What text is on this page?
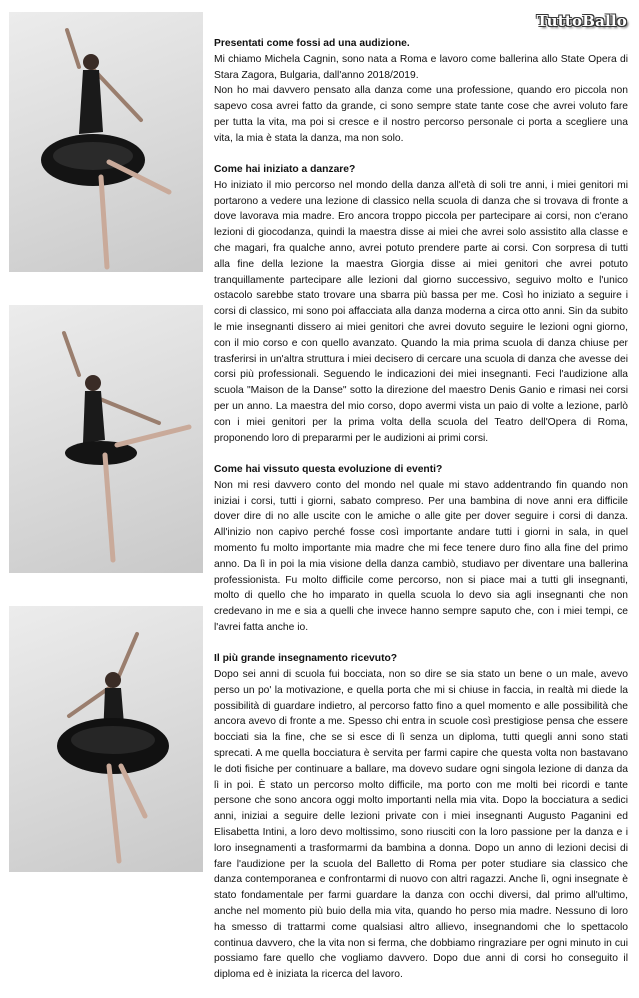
TuttoBallo
Presentati come fossi ad una audizione.

Mi chiamo Michela Cagnin, sono nata a Roma e lavoro come ballerina allo State Opera di Stara Zagora, Bulgaria, dall'anno 2018/2019.

Non ho mai davvero pensato alla danza come una professione, quando ero piccola non sapevo cosa avrei fatto da grande, ci sono sempre state tante cose che avrei voluto fare per tutta la vita, ma poi si cresce e il nostro percorso personale ci porta a scegliere una vita, la mia è stata la danza, ma non solo.

Come hai iniziato a danzare?

Ho iniziato il mio percorso nel mondo della danza all'età di soli tre anni, i miei genitori mi portarono a vedere una lezione di classico nella scuola di danza che si trovava di fronte a dove lavorava mia madre. Ero ancora troppo piccola per partecipare ai corsi, non c'erano lezioni di giocodanza, quindi la maestra disse ai miei che avrei solo assistito alla classe e che magari, fra qualche anno, avrei potuto prendere parte ai corsi. Con sorpresa di tutti alla fine della lezione la maestra Giorgia disse ai miei genitori che avrei potuto tranquillamente partecipare alle lezioni dal giorno successivo, seguivo molto e l'unico ostacolo sarebbe stato trovare una sbarra più bassa per me. Così ho iniziato a seguire i corsi di classico, mi sono poi affacciata alla danza moderna a circa otto anni. Sin da subito le mie insegnanti dissero ai miei genitori che avrei dovuto seguire le lezioni ogni giorno, con il mio corso e con quello avanzato. Quando la mia prima scuola di danza chiuse per trasferirsi in un'altra struttura i miei decisero di cercare una scuola di danza che avesse dei corsi più professionali. Seguendo le indicazioni dei miei insegnanti. Feci l'audizione alla scuola "Maison de la Danse" sotto la direzione del maestro Denis Ganio e rimasi nei corsi per un anno. La maestra del mio corso, dopo avermi vista un paio di volte a lezione, parlò con i miei genitori per la prima volta della scuola del Teatro dell'Opera di Roma, proponendo loro di prepararmi per le audizioni ai primi corsi.

Come hai vissuto questa evoluzione di eventi?

Non mi resi davvero conto del mondo nel quale mi stavo addentrando fin quando non iniziai i corsi, tutti i giorni, sabato compreso. Per una bambina di nove anni era difficile dover dire di no alle uscite con le amiche o alle gite per dover seguire i corsi di danza. All'inizio non capivo perché fosse così importante andare tutti i giorni in sala, in quel momento fu molto importante mia madre che mi fece tenere duro fino alla fine del primo anno. Da lì in poi la mia visione della danza cambiò, studiavo per diventare una ballerina professionista. Fu molto difficile come percorso, non si piace mai a tutti gli insegnanti, molto di quello che ho imparato in quella scuola lo devo sia agli insegnanti che non credevano in me e sia a quelli che invece hanno sempre saputo che, con i miei tempi, ce l'avrei fatta anche io.

Il più grande insegnamento ricevuto?

Dopo sei anni di scuola fui bocciata, non so dire se sia stato un bene o un male, avevo perso un po' la motivazione, e quella porta che mi si chiuse in faccia, in realtà mi diede la possibilità di guardare indietro, al percorso fatto fino a quel momento e alle possibilità che ancora avevo di fronte a me. Spesso chi entra in scuole così prestigiose pensa che essere bocciati sia la fine, che se si esce di lì senza un diploma, tutti quegli anni sono stati sprecati. A me quella bocciatura è servita per farmi capire che questa volta non bastavano le doti fisiche per continuare a ballare, ma dovevo sudare ogni singola lezione di danza da lì in poi. È stato un percorso molto difficile, ma porto con me molti bei ricordi e tante persone che sono ancora oggi molto importanti nella mia vita. Dopo la bocciatura a sedici anni, iniziai a seguire delle lezioni private con i miei insegnanti Augusto Paganini ed Elisabetta Intini, a loro devo moltissimo, sono riusciti con la loro passione per la danza e i loro insegnamenti a trasformarmi da bambina a donna. Dopo un anno di lezioni decisi di fare l'audizione per la scuola del Balletto di Roma per poter studiare sia classico che danza contemporanea e confrontarmi di nuovo con altri ragazzi. Anche lì, ogni insegnate è stato fondamentale per farmi guardare la danza con occhi diversi, dal primo all'ultimo, anche nel momento più buio della mia vita, quando ho perso mia madre. Nessuno di loro ha smesso di trattarmi come qualsiasi altro allievo, insegnandomi che lo spettacolo continua davvero, che la vita non si ferma, che dobbiamo ringraziare per ogni minuto in cui possiamo fare quello che vogliamo davvero. Dopo due anni di corsi ho conseguito il diploma ed è iniziata la ricerca del lavoro.
